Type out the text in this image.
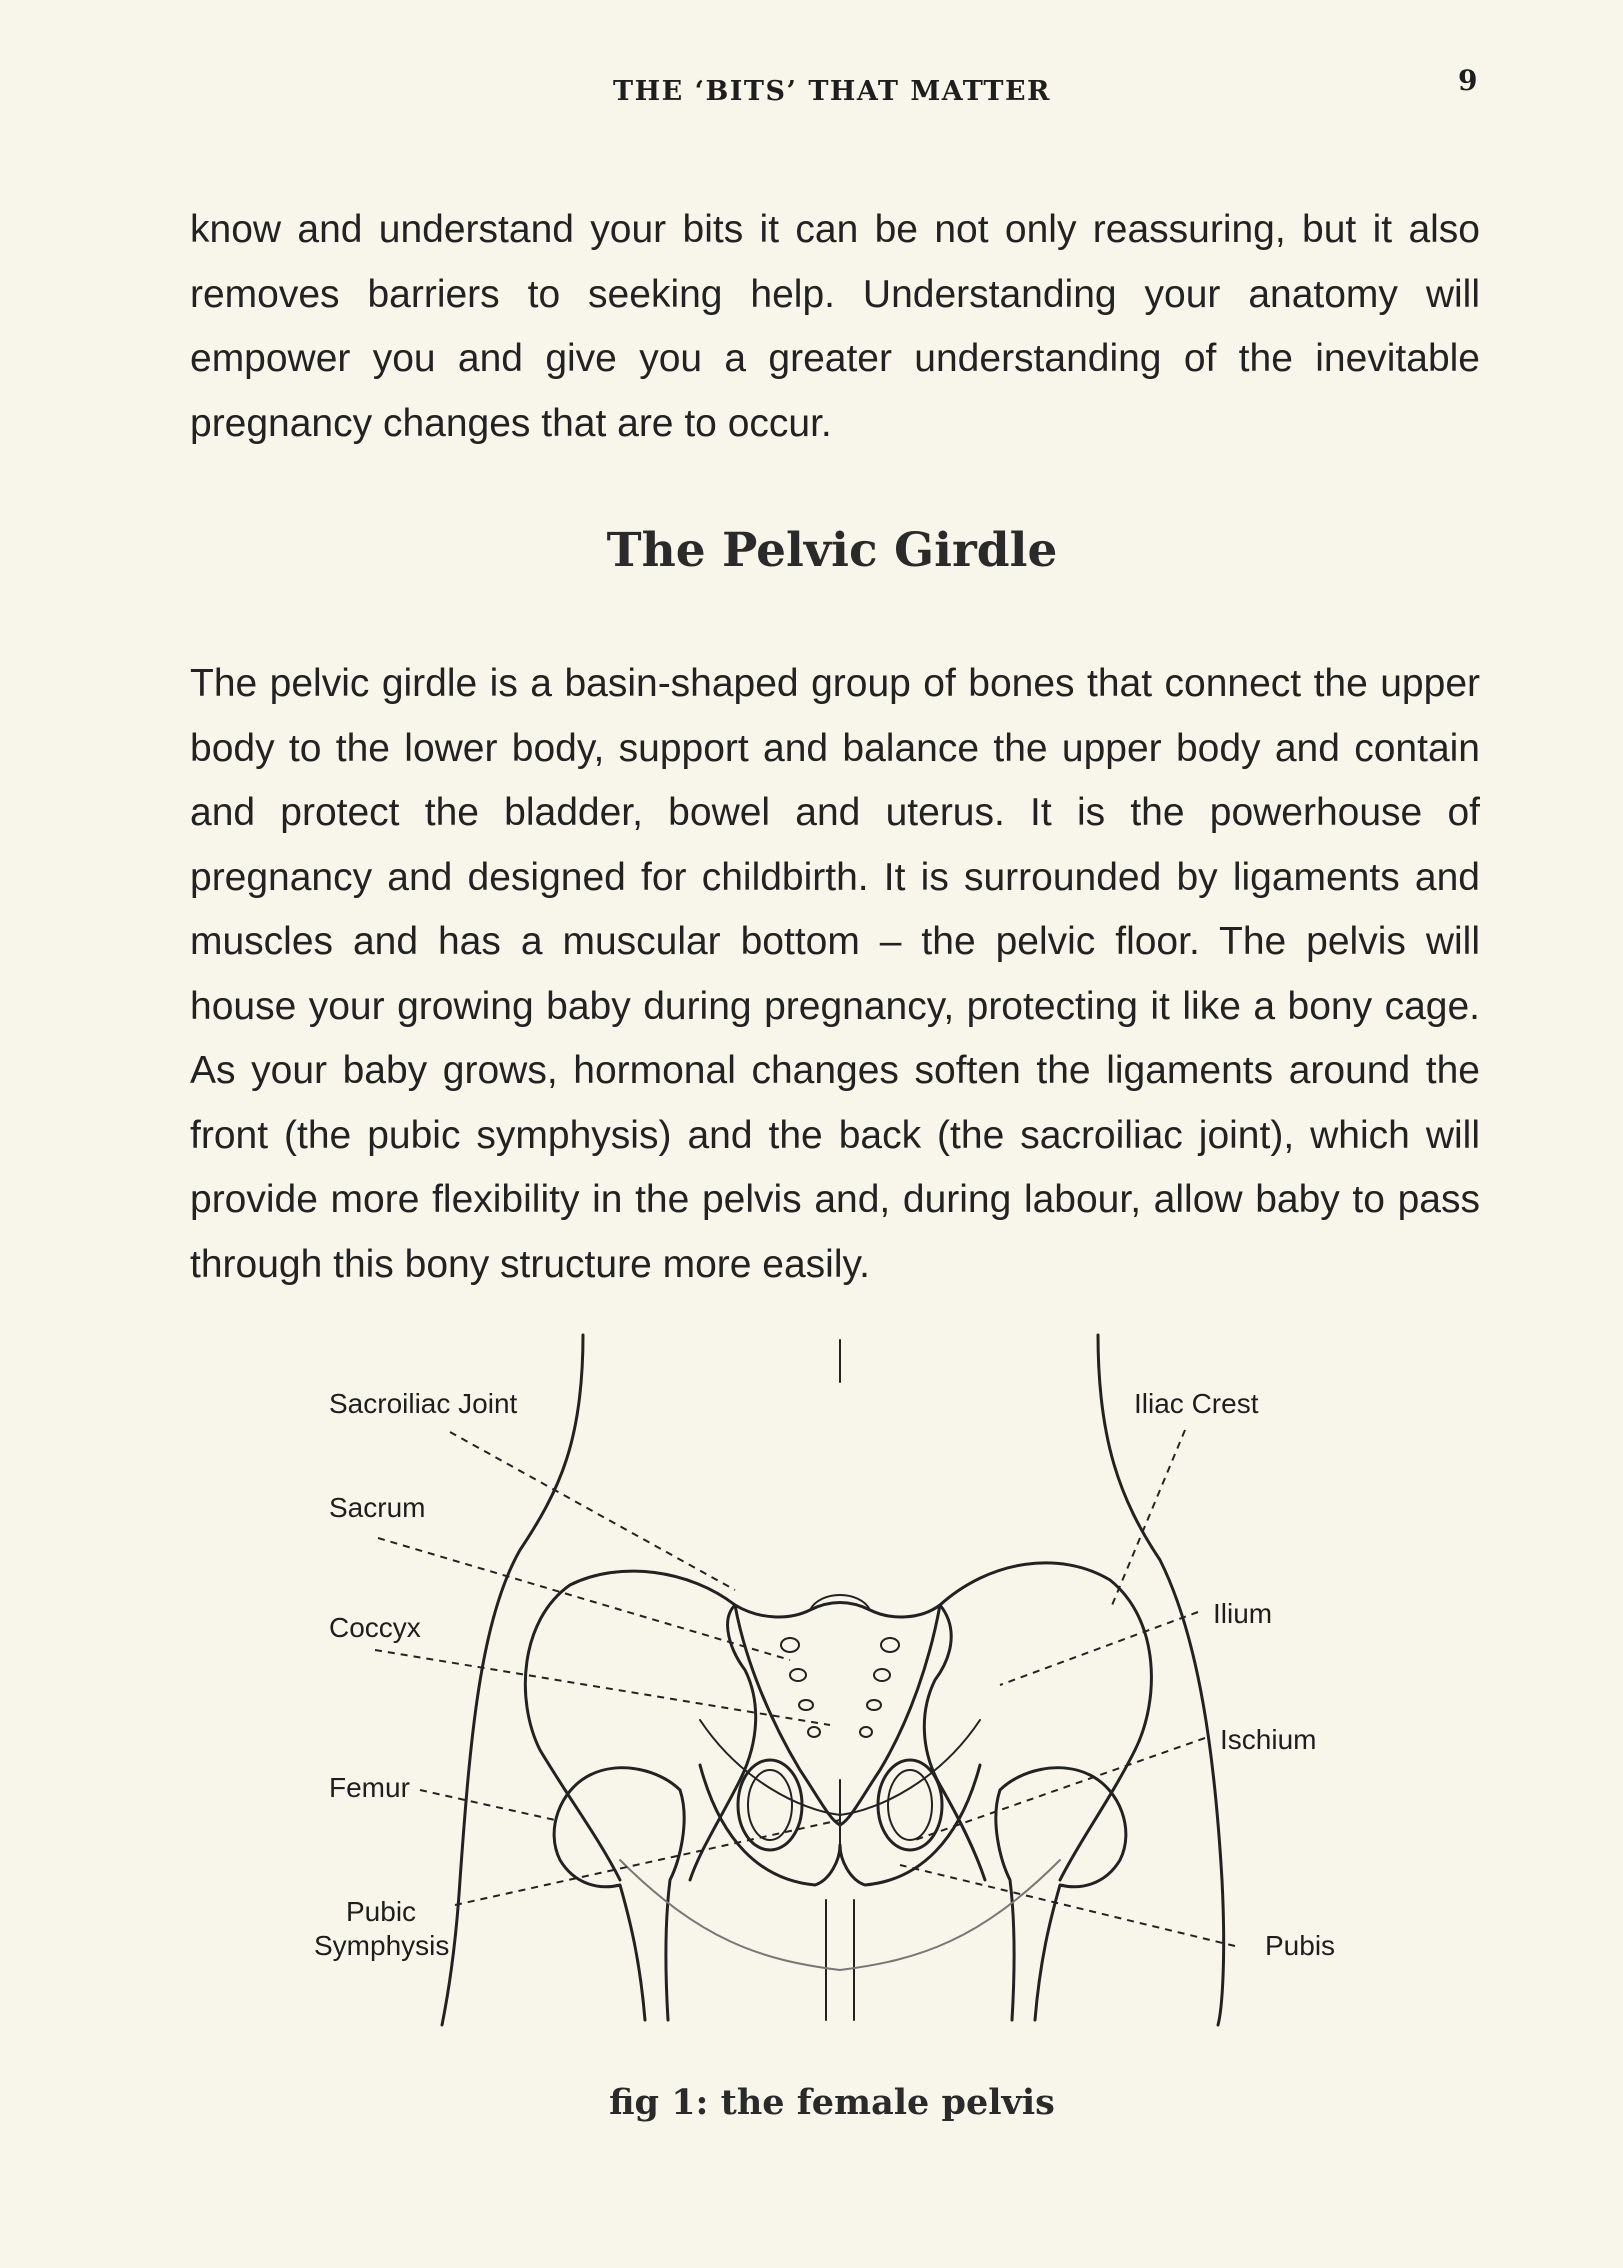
THE ‘BITS’ THAT MATTER	9

know and understand your bits it can be not only reassuring, but it also removes barriers to seeking help. Understanding your anatomy will empower you and give you a greater understanding of the inevitable pregnancy changes that are to occur.

The Pelvic Girdle

The pelvic girdle is a basin-shaped group of bones that connect the upper body to the lower body, support and balance the upper body and contain and protect the bladder, bowel and uterus. It is the powerhouse of pregnancy and designed for childbirth. It is surrounded by ligaments and muscles and has a muscular bottom – the pelvic floor. The pelvis will house your growing baby during pregnancy, protecting it like a bony cage. As your baby grows, hormonal changes soften the ligaments around the front (the pubic symphysis) and the back (the sacroiliac joint), which will provide more flexibility in the pelvis and, during labour, allow baby to pass through this bony structure more easily.

Sacroiliac Joint
Sacrum
Coccyx
Femur
Pubic
Symphysis
Iliac Crest
Ilium
Ischium
Pubis

fig 1: the female pelvis
